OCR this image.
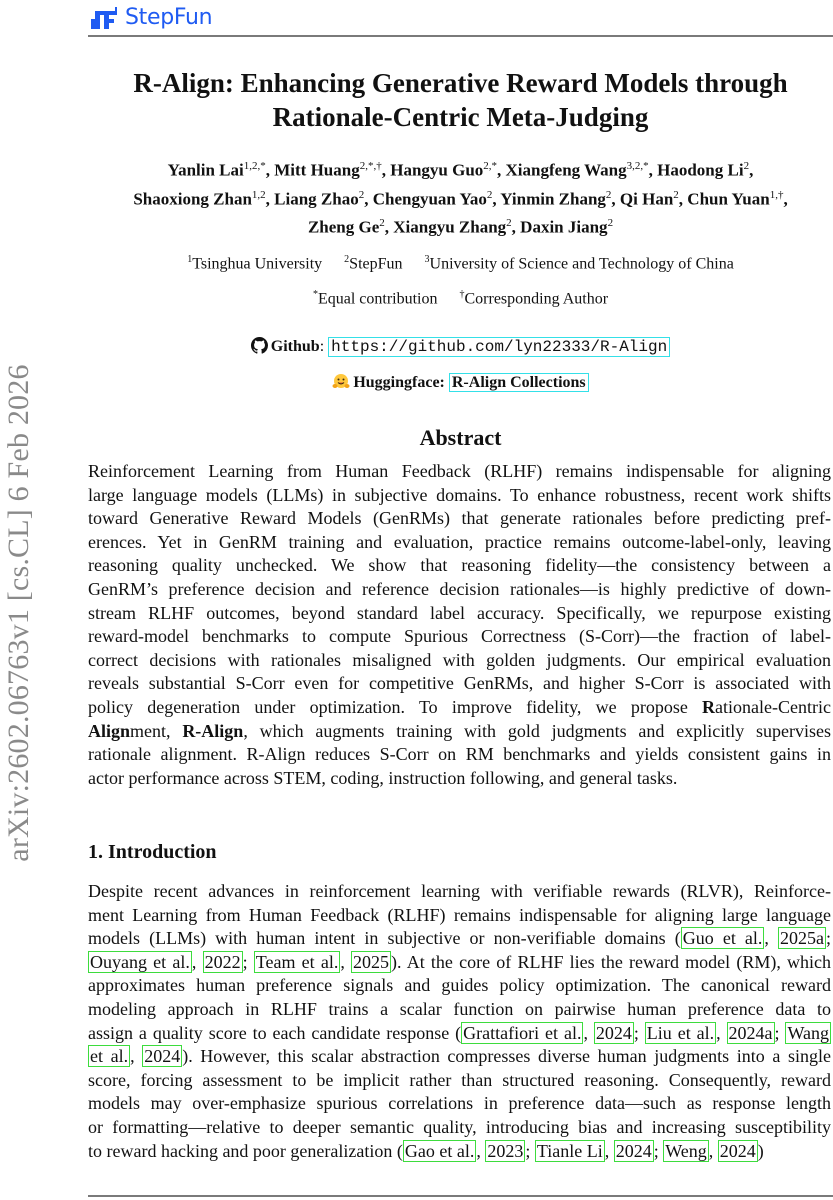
StepFun
arXiv:2602.06763v1 [cs.CL] 6 Feb 2026
R-Align: Enhancing Generative Reward Models through
Rationale-Centric Meta-Judging
Yanlin Lai$^{1,2,*}$, Mitt Huang$^{2,*,\dagger}$, Hangyu Guo$^{2,*}$, Xiangfeng Wang$^{3,2,*}$, Haodong Li$^2$,
Shaoxiong Zhan$^{1,2}$, Liang Zhao$^2$, Chengyuan Yao$^2$, Yinmin Zhang$^2$, Qi Han$^2$, Chun Yuan$^{1,\dagger}$,
Zheng Ge$^2$, Xiangyu Zhang$^2$, Daxin Jiang$^2$
$^1$Tsinghua University $^2$StepFun $^3$University of Science and Technology of China
*Equal contribution †Corresponding Author
Github: https://github.com/lyn22333/R-Align
Huggingface: R-Align Collections
Abstract
Reinforcement Learning from Human Feedback (RLHF) remains indispensable for aligning
large language models (LLMs) in subjective domains. To enhance robustness, recent work shifts
toward Generative Reward Models (GenRMs) that generate rationales before predicting pref-
erences. Yet in GenRM training and evaluation, practice remains outcome-label-only, leaving
reasoning quality unchecked. We show that reasoning fidelity—the consistency between a
GenRM’s preference decision and reference decision rationales—is highly predictive of down-
stream RLHF outcomes, beyond standard label accuracy. Specifically, we repurpose existing
reward-model benchmarks to compute Spurious Correctness (S-Corr)—the fraction of label-
correct decisions with rationales misaligned with golden judgments. Our empirical evaluation
reveals substantial S-Corr even for competitive GenRMs, and higher S-Corr is associated with
policy degeneration under optimization. To improve fidelity, we propose Rationale-Centric
Alignment, R-Align, which augments training with gold judgments and explicitly supervises
rationale alignment. R-Align reduces S-Corr on RM benchmarks and yields consistent gains in
actor performance across STEM, coding, instruction following, and general tasks.
1. Introduction
Despite recent advances in reinforcement learning with verifiable rewards (RLVR), Reinforce-
ment Learning from Human Feedback (RLHF) remains indispensable for aligning large language
models (LLMs) with human intent in subjective or non-verifiable domains ( Guo et al. , 2025a ;
Ouyang et al. , 2022 ; Team et al. , 2025 ). At the core of RLHF lies the reward model (RM), which
approximates human preference signals and guides policy optimization. The canonical reward
modeling approach in RLHF trains a scalar function on pairwise human preference data to
assign a quality score to each candidate response ( Grattafiori et al. , 2024 ; Liu et al. , 2024a ; Wang
et al. , 2024 ). However, this scalar abstraction compresses diverse human judgments into a single
score, forcing assessment to be implicit rather than structured reasoning. Consequently, reward
models may over-emphasize spurious correlations in preference data—such as response length
or formatting—relative to deeper semantic quality, introducing bias and increasing susceptibility
to reward hacking and poor generalization ( Gao et al. , 2023 ; Tianle Li , 2024 ; Weng , 2024 )
